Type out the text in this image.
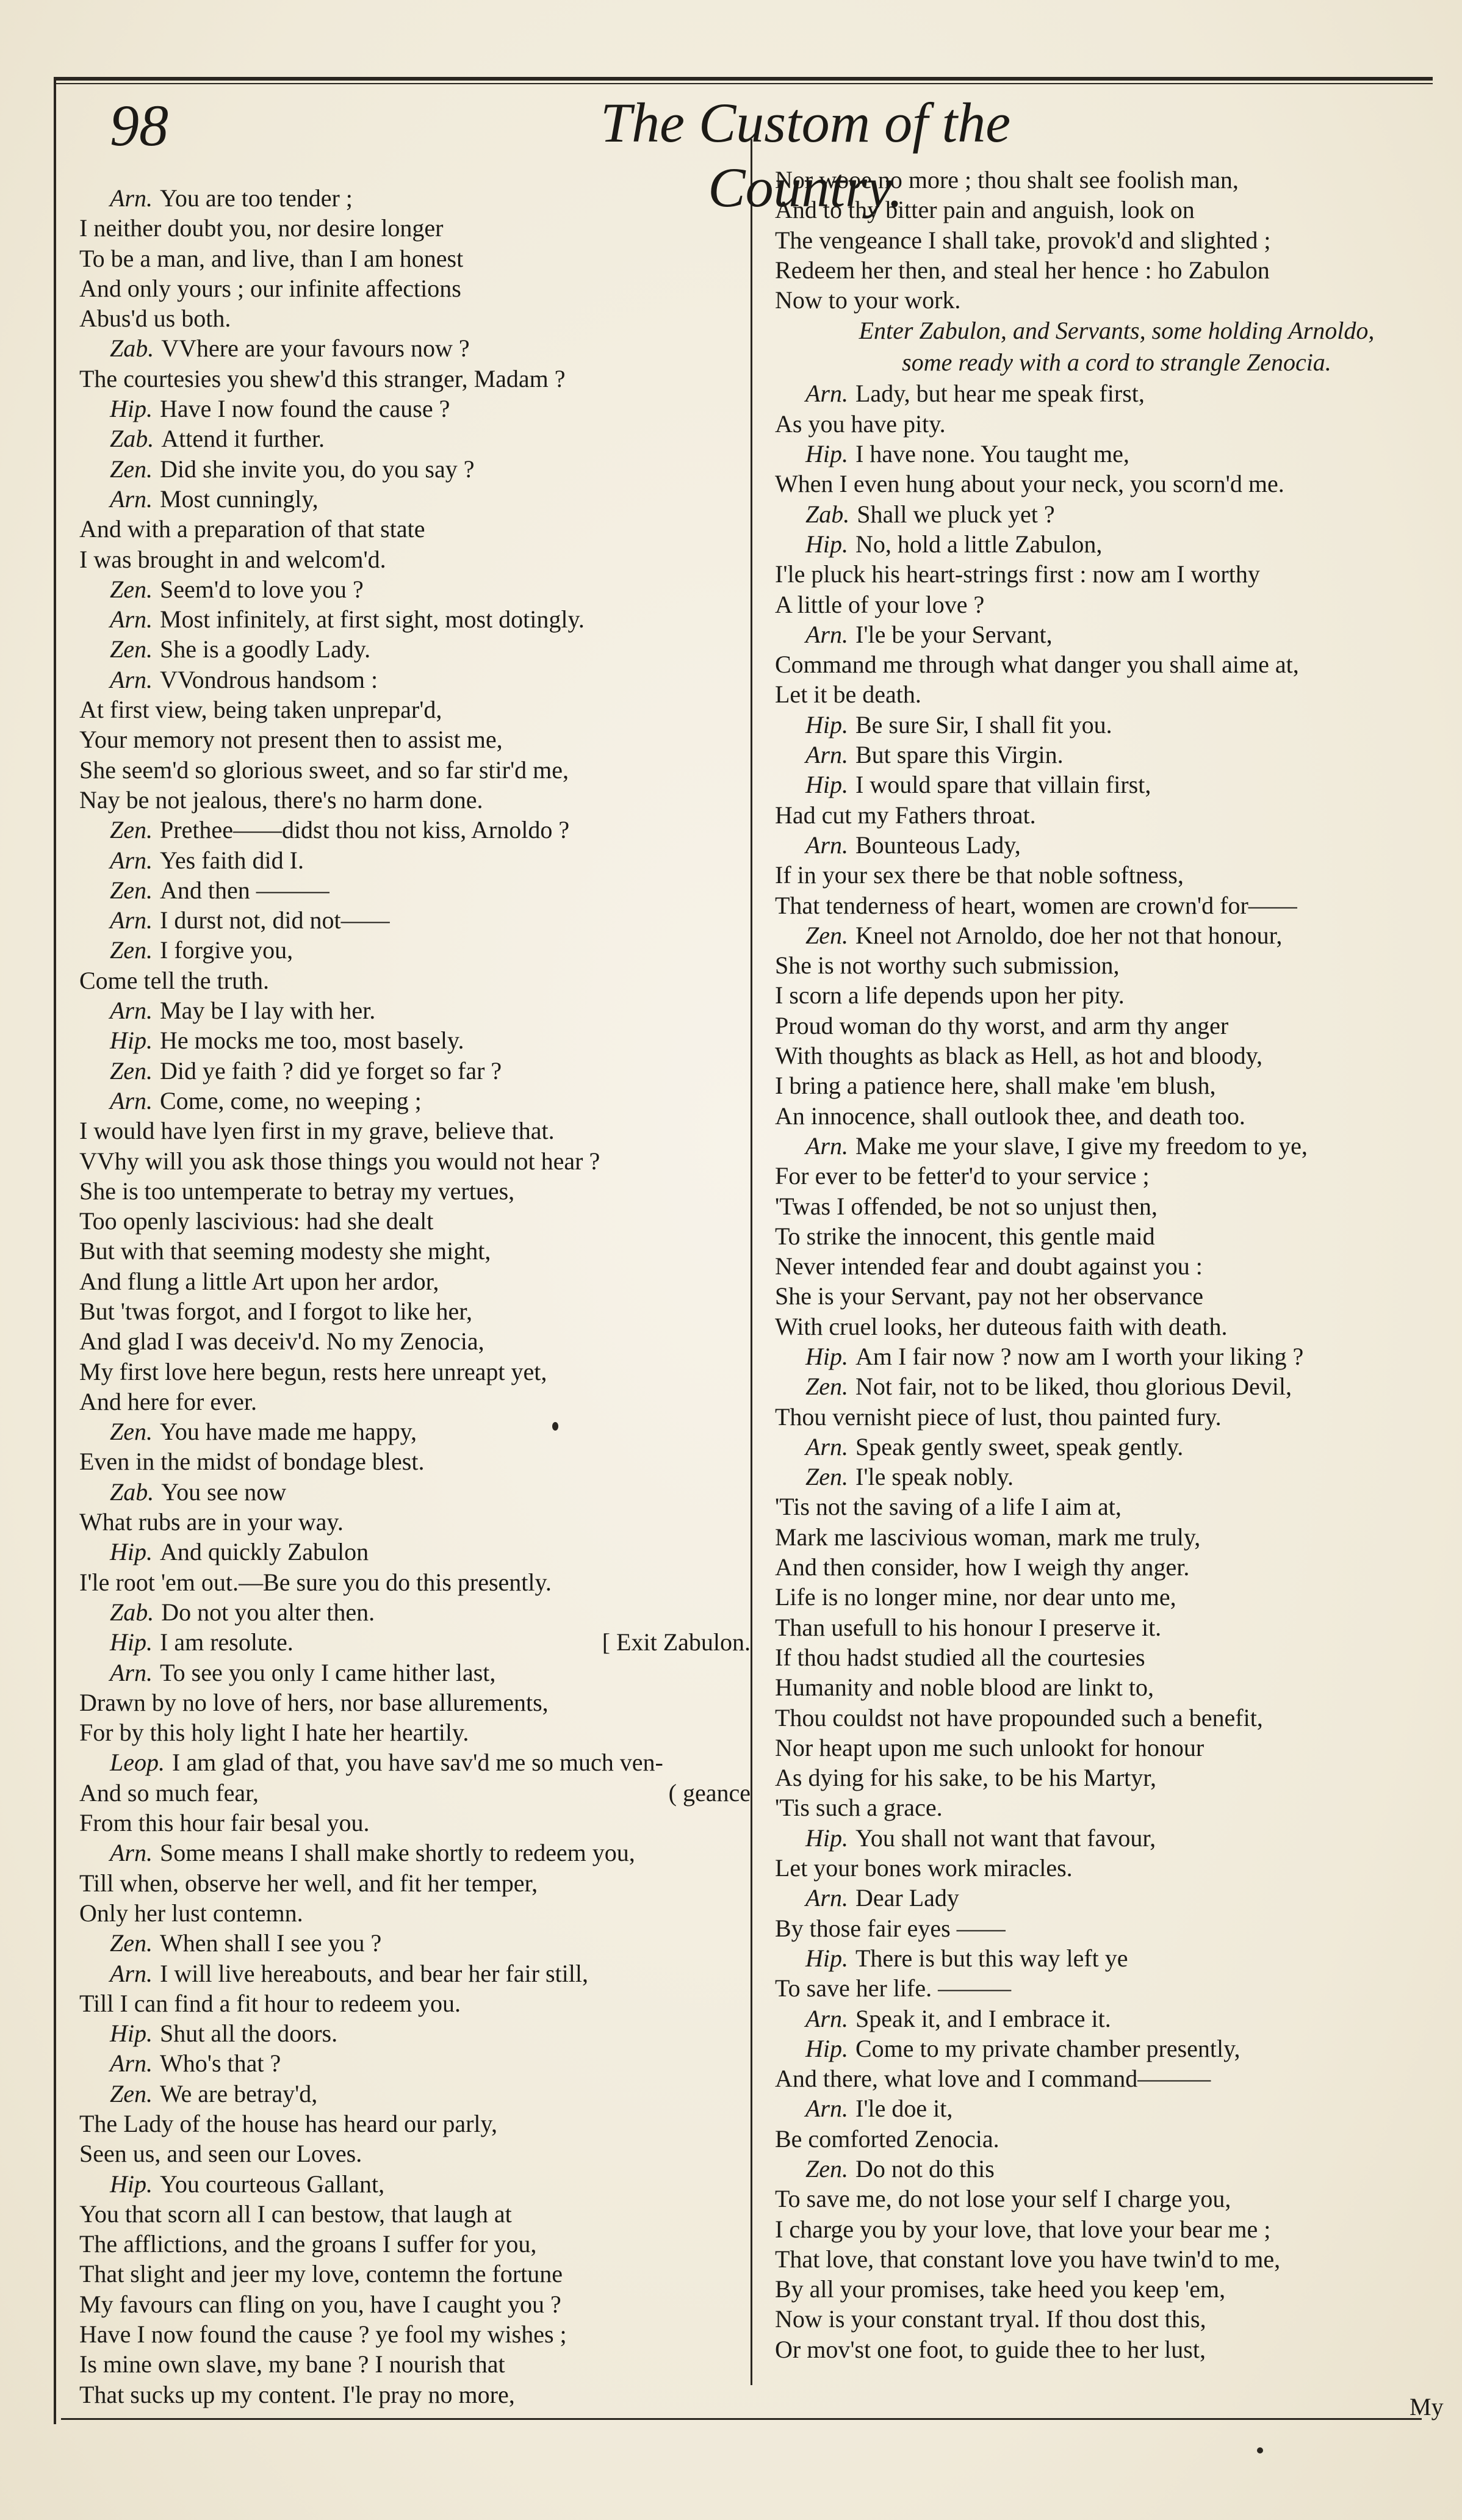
98	The Custom of the Country.
Arn. You are too tender ;
I neither doubt you, nor desire longer
To be a man, and live, than I am honest
And only yours ; our infinite affections
Abus'd us both.
Zab. VVhere are your favours now ?
The courtesies you shew'd this stranger, Madam ?
Hip. Have I now found the cause ?
Zab. Attend it further.
Zen. Did she invite you, do you say ?
Arn. Most cunningly,
And with a preparation of that state
I was brought in and welcom'd.
Zen. Seem'd to love you ?
Arn. Most infinitely, at first sight, most dotingly.
Zen. She is a goodly Lady.
Arn. VVondrous handsom :
At first view, being taken unprepar'd,
Your memory not present then to assist me,
She seem'd so glorious sweet, and so far stir'd me,
Nay be not jealous, there's no harm done.
Zen. Prethee——didst thou not kiss, Arnoldo ?
Arn. Yes faith did I.
Zen. And then ———
Arn. I durst not, did not——
Zen. I forgive you,
Come tell the truth.
Arn. May be I lay with her.
Hip. He mocks me too, most basely.
Zen. Did ye faith ? did ye forget so far ?
Arn. Come, come, no weeping ;
I would have lyen first in my grave, believe that.
VVhy will you ask those things you would not hear ?
She is too untemperate to betray my vertues,
Too openly lascivious: had she dealt
But with that seeming modesty she might,
And flung a little Art upon her ardor,
But 'twas forgot, and I forgot to like her,
And glad I was deceiv'd. No my Zenocia,
My first love here begun, rests here unreapt yet,
And here for ever.
Zen. You have made me happy,
Even in the midst of bondage blest.
Zab. You see now
What rubs are in your way.
Hip. And quickly Zabulon
I'le root 'em out.—Be sure you do this presently.
Zab. Do not you alter then.
Hip. I am resolute.	[ Exit Zabulon.
Arn. To see you only I came hither last,
Drawn by no love of hers, nor base allurements,
For by this holy light I hate her heartily.
Leop. I am glad of that, you have sav'd me so much ven-
And so much fear,	( geance
From this hour fair besal you.
Arn. Some means I shall make shortly to redeem you,
Till when, observe her well, and fit her temper,
Only her lust contemn.
Zen. When shall I see you ?
Arn. I will live hereabouts, and bear her fair still,
Till I can find a fit hour to redeem you.
Hip. Shut all the doors.
Arn. Who's that ?
Zen. We are betray'd,
The Lady of the house has heard our parly,
Seen us, and seen our Loves.
Hip. You courteous Gallant,
You that scorn all I can bestow, that laugh at
The afflictions, and the groans I suffer for you,
That slight and jeer my love, contemn the fortune
My favours can fling on you, have I caught you ?
Have I now found the cause ? ye fool my wishes ;
Is mine own slave, my bane ? I nourish that
That sucks up my content. I'le pray no more,
Nor wooe no more ; thou shalt see foolish man,
And to thy bitter pain and anguish, look on
The vengeance I shall take, provok'd and slighted ;
Redeem her then, and steal her hence : ho Zabulon
Now to your work.
Enter Zabulon, and Servants, some holding Arnoldo,
some ready with a cord to strangle Zenocia.
Arn. Lady, but hear me speak first,
As you have pity.
Hip. I have none. You taught me,
When I even hung about your neck, you scorn'd me.
Zab. Shall we pluck yet ?
Hip. No, hold a little Zabulon,
I'le pluck his heart-strings first : now am I worthy
A little of your love ?
Arn. I'le be your Servant,
Command me through what danger you shall aime at,
Let it be death.
Hip. Be sure Sir, I shall fit you.
Arn. But spare this Virgin.
Hip. I would spare that villain first,
Had cut my Fathers throat.
Arn. Bounteous Lady,
If in your sex there be that noble softness,
That tenderness of heart, women are crown'd for——
Zen. Kneel not Arnoldo, doe her not that honour,
She is not worthy such submission,
I scorn a life depends upon her pity.
Proud woman do thy worst, and arm thy anger
With thoughts as black as Hell, as hot and bloody,
I bring a patience here, shall make 'em blush,
An innocence, shall outlook thee, and death too.
Arn. Make me your slave, I give my freedom to ye,
For ever to be fetter'd to your service ;
'Twas I offended, be not so unjust then,
To strike the innocent, this gentle maid
Never intended fear and doubt against you :
She is your Servant, pay not her observance
With cruel looks, her duteous faith with death.
Hip. Am I fair now ? now am I worth your liking ?
Zen. Not fair, not to be liked, thou glorious Devil,
Thou vernisht piece of lust, thou painted fury.
Arn. Speak gently sweet, speak gently.
Zen. I'le speak nobly.
'Tis not the saving of a life I aim at,
Mark me lascivious woman, mark me truly,
And then consider, how I weigh thy anger.
Life is no longer mine, nor dear unto me,
Than usefull to his honour I preserve it.
If thou hadst studied all the courtesies
Humanity and noble blood are linkt to,
Thou couldst not have propounded such a benefit,
Nor heapt upon me such unlookt for honour
As dying for his sake, to be his Martyr,
'Tis such a grace.
Hip. You shall not want that favour,
Let your bones work miracles.
Arn. Dear Lady
By those fair eyes ——
Hip. There is but this way left ye
To save her life. ———
Arn. Speak it, and I embrace it.
Hip. Come to my private chamber presently,
And there, what love and I command———
Arn. I'le doe it,
Be comforted Zenocia.
Zen. Do not do this
To save me, do not lose your self I charge you,
I charge you by your love, that love your bear me ;
That love, that constant love you have twin'd to me,
By all your promises, take heed you keep 'em,
Now is your constant tryal. If thou dost this,
Or mov'st one foot, to guide thee to her lust,
My
